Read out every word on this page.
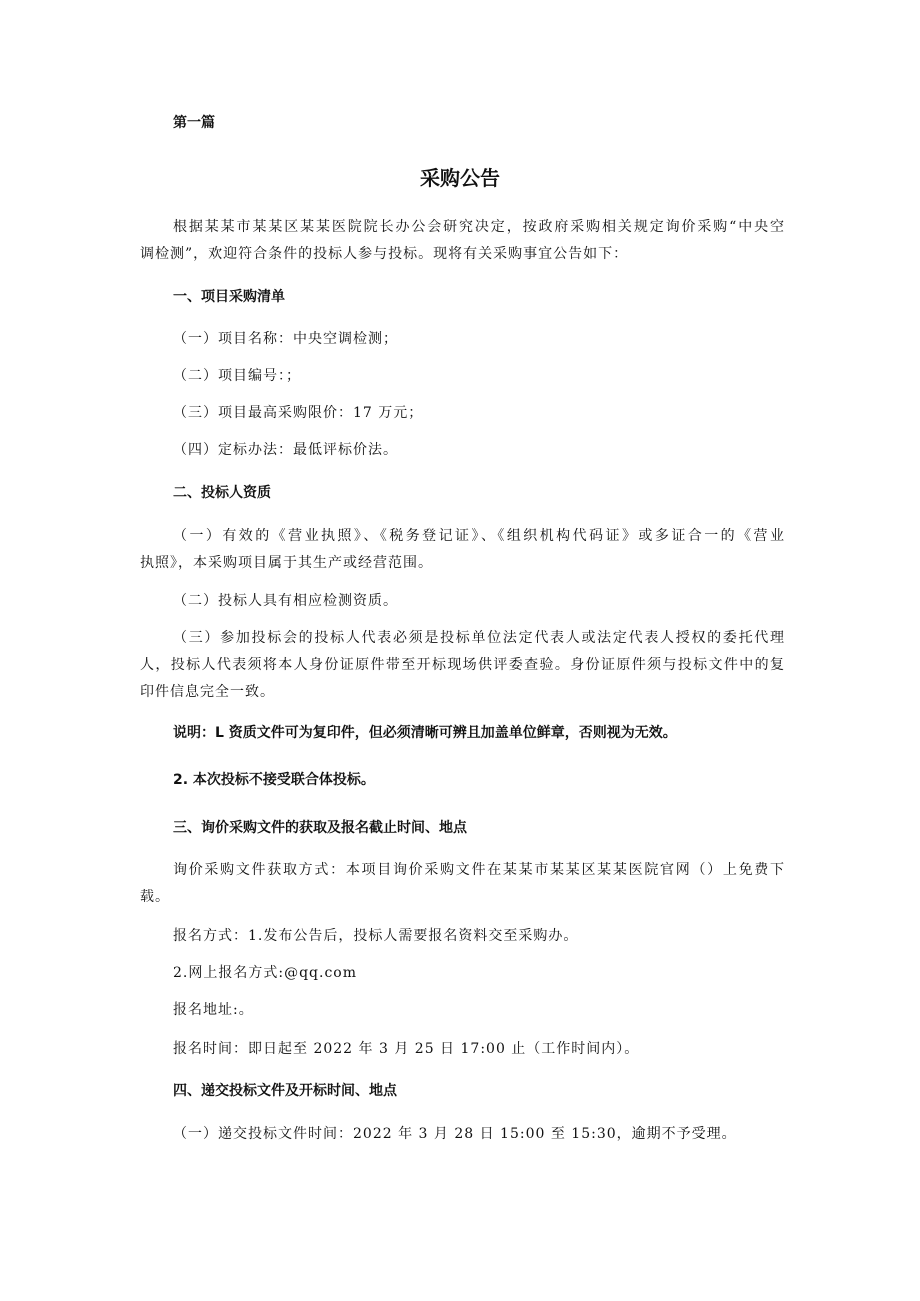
第一篇
采购公告
根据某某市某某区某某医院院长办公会研究决定，按政府采购相关规定询价采购“中央空
调检测”，欢迎符合条件的投标人参与投标。现将有关采购事宜公告如下：
一、项目采购清单
（一）项目名称：中央空调检测；
（二）项目编号：；
（三）项目最高采购限价：17 万元；
（四）定标办法：最低评标价法。
二、投标人资质
（一）有效的《营业执照》、《税务登记证》、《组织机构代码证》或多证合一的《营业
执照》，本采购项目属于其生产或经营范围。
（二）投标人具有相应检测资质。
（三）参加投标会的投标人代表必须是投标单位法定代表人或法定代表人授权的委托代理
人，投标人代表须将本人身份证原件带至开标现场供评委查验。身份证原件须与投标文件中的复
印件信息完全一致。
说明：L 资质文件可为复印件，但必须清晰可辨且加盖单位鲜章，否则视为无效。
2. 本次投标不接受联合体投标。
三、询价采购文件的获取及报名截止时间、地点
询价采购文件获取方式：本项目询价采购文件在某某市某某区某某医院官网（）上免费下
载。
报名方式：1.发布公告后，投标人需要报名资料交至采购办。
2.网上报名方式:@qq.com
报名地址:。
报名时间：即日起至 2022 年 3 月 25 日 17:00 止（工作时间内）。
四、递交投标文件及开标时间、地点
（一）递交投标文件时间：2022 年 3 月 28 日 15:00 至 15:30，逾期不予受理。
